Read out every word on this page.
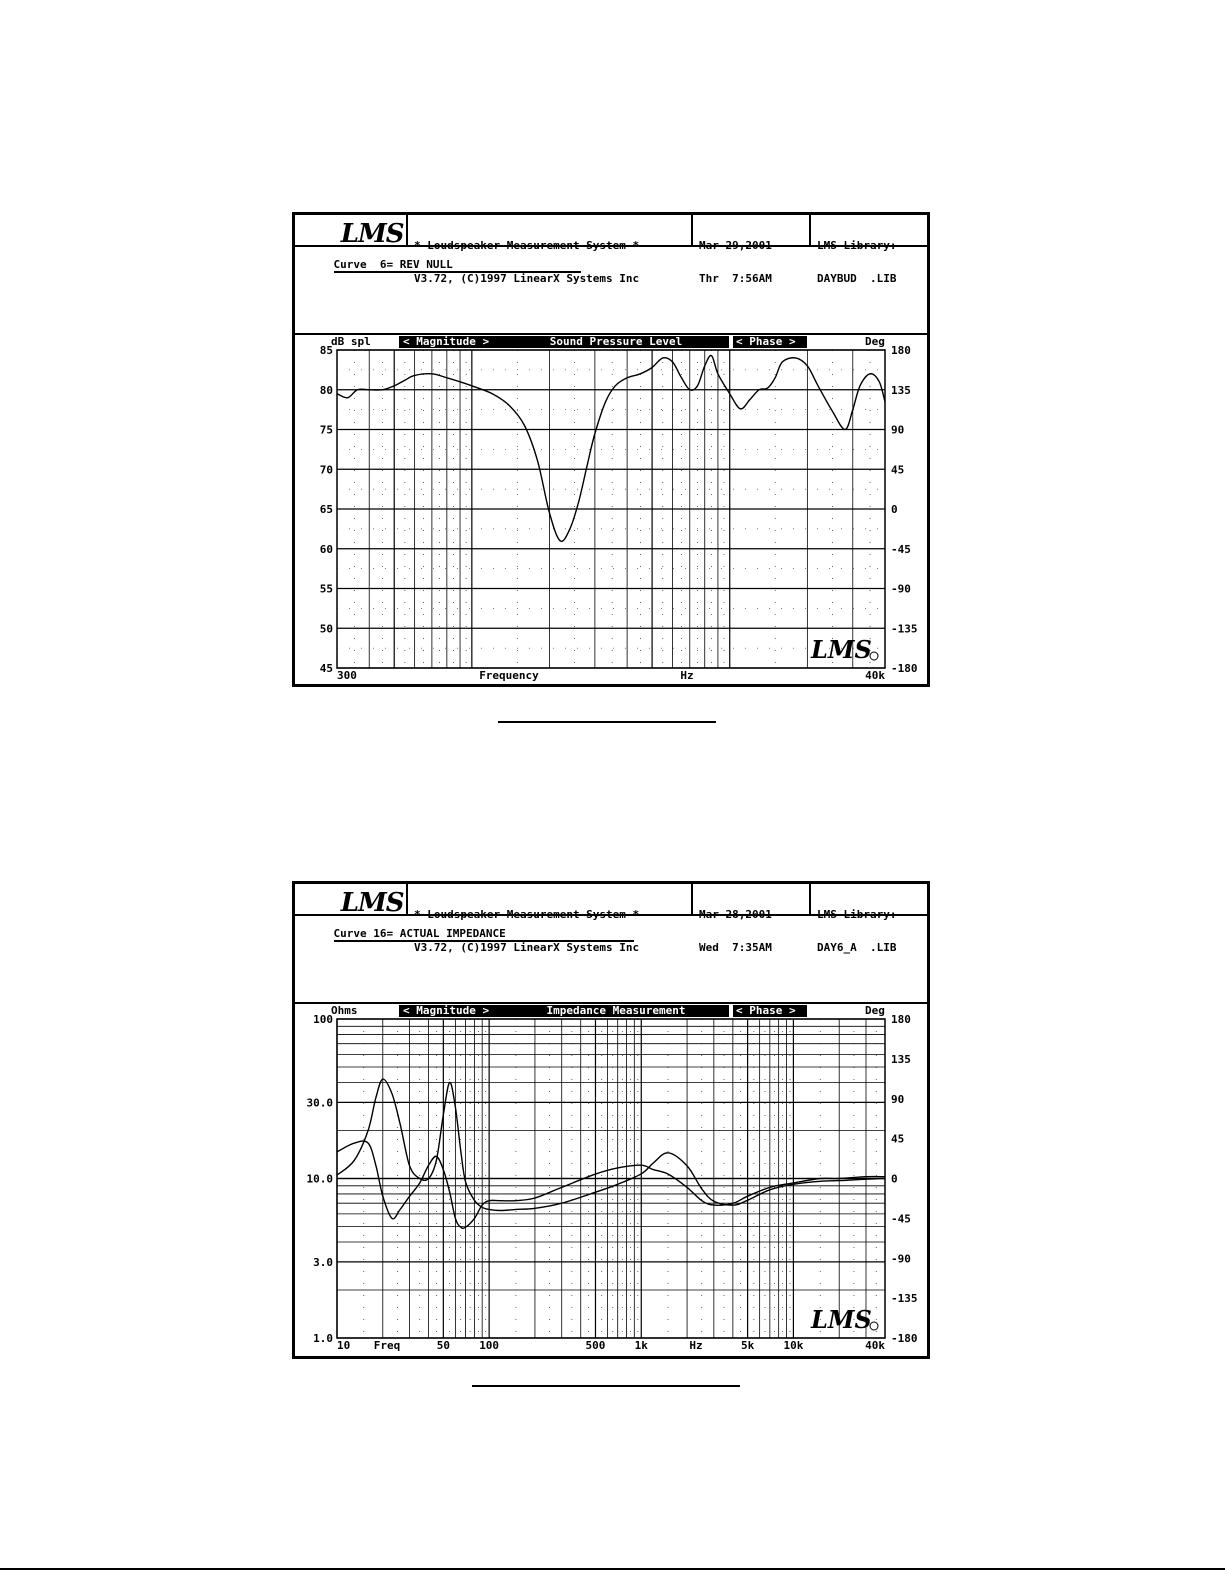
LMS

* Loudspeaker Measurement System *

V3.72, (C)1997 LinearX Systems Inc

Mar 29,2001

Thr  7:56AM

LMS Library:

DAYBUD  .LIB

Curve  6= REV NULL

dB spl	< Magnitude >	Sound Pressure Level	< Phase >	Deg
85
80
75
70
65
60
55
50
45
180
135
90
45
0
-45
-90
-135
-180
300	Frequency	Hz	40k
LMS

LMS

* Loudspeaker Measurement System *

V3.72, (C)1997 LinearX Systems Inc

Mar 28,2001

Wed  7:35AM

LMS Library:

DAY6_A  .LIB

Curve 16= ACTUAL IMPEDANCE

Ohms	< Magnitude >	Impedance Measurement	< Phase >	Deg
100
30.0
10.0
3.0
1.0
180
135
90
45
0
-45
-90
-135
-180
10 Freq	50	100	500	1k	Hz	5k	10k	40k
LMS
